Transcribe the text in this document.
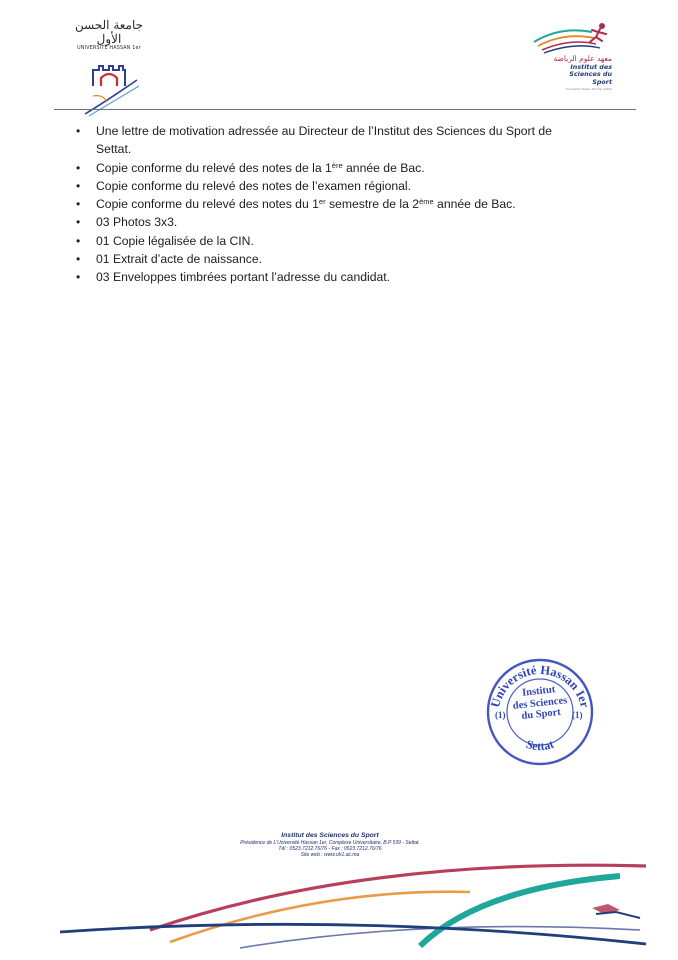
جامعة الحسن الأول
UNIVERSITÉ HASSAN 1er
معهد علوم الرياضة
Institut des Sciences du Sport
Université Hassan Premier Settat
• Une lettre de motivation adressée au Directeur de l’Institut des Sciences du Sport de Settat.
• Copie conforme du relevé des notes de la 1ère année de Bac.
• Copie conforme du relevé des notes de l’examen régional.
• Copie conforme du relevé des notes du 1er semestre de la 2ème année de Bac.
• 03 Photos 3x3.
• 01 Copie légalisée de la CIN.
• 01 Extrait d’acte de naissance.
• 03 Enveloppes timbrées portant l’adresse du candidat.
Université Hassan Ier
Settat
Institut
des Sciences
du Sport
(1)	(1)
Institut des Sciences du Sport
Présidence de L’Université Hassan 1er, Complexe Universitaire, B.P 539 - Settat.
Tél : 0523.7212.76/76 - Fax : 0523.7212.76/76
Site web : www.uh1.ac.ma
